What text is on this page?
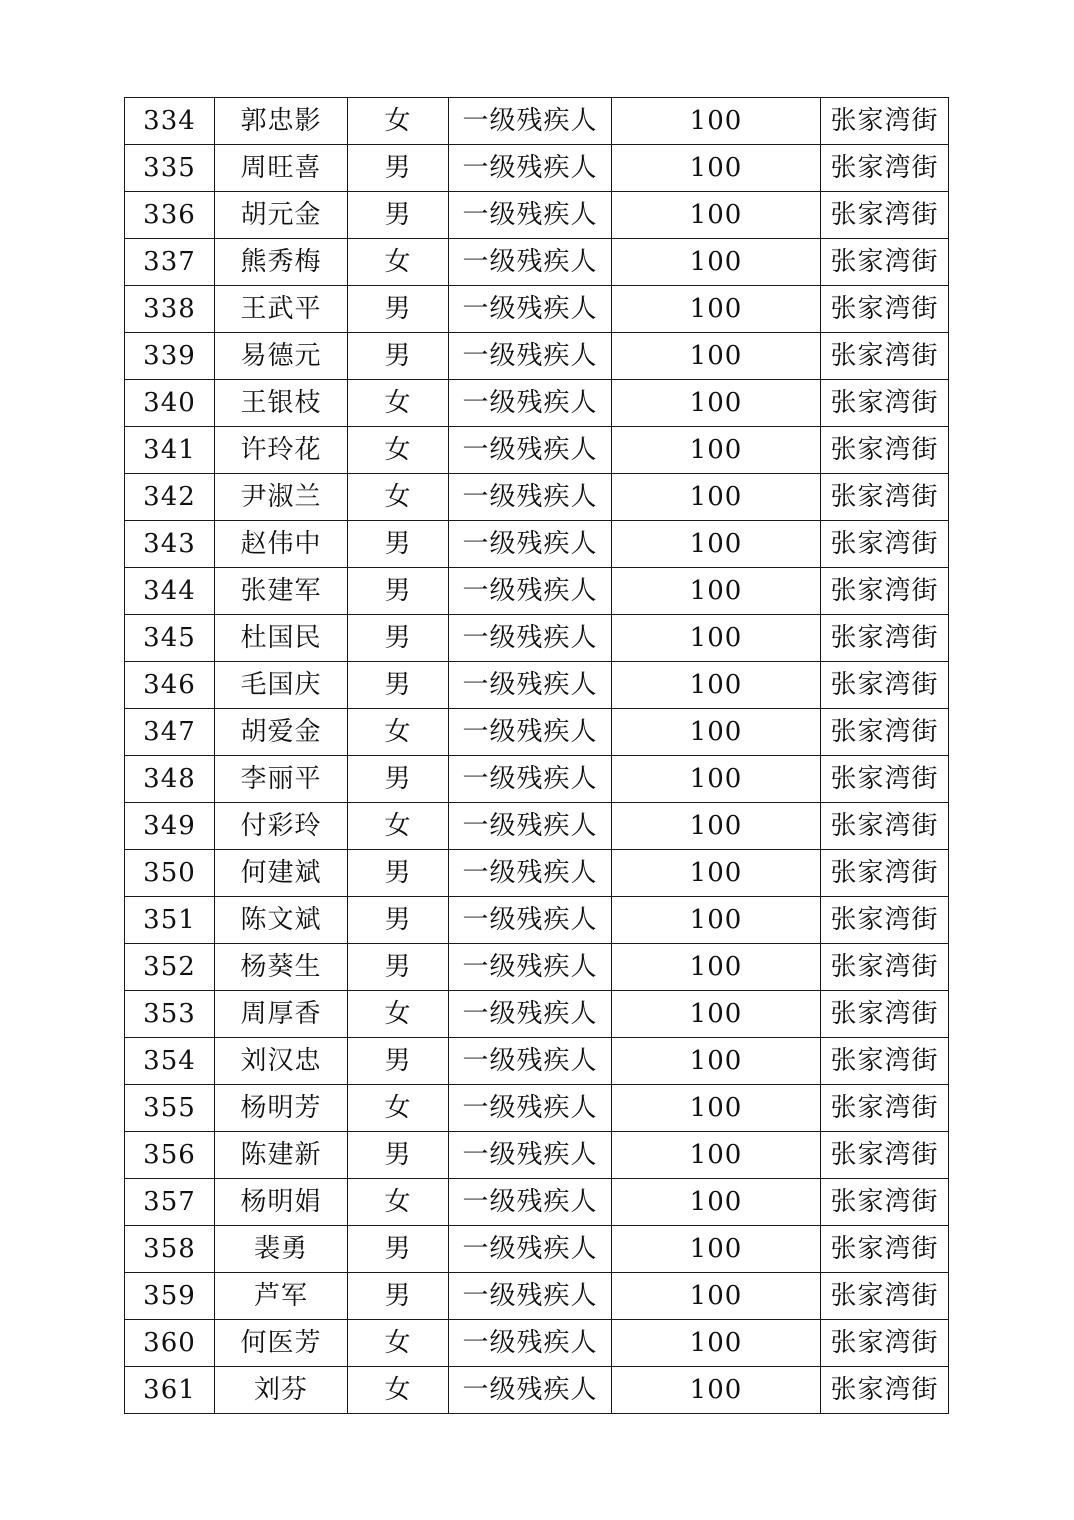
334	郭忠影	女	一级残疾人	100	张家湾街
335	周旺喜	男	一级残疾人	100	张家湾街
336	胡元金	男	一级残疾人	100	张家湾街
337	熊秀梅	女	一级残疾人	100	张家湾街
338	王武平	男	一级残疾人	100	张家湾街
339	易德元	男	一级残疾人	100	张家湾街
340	王银枝	女	一级残疾人	100	张家湾街
341	许玲花	女	一级残疾人	100	张家湾街
342	尹淑兰	女	一级残疾人	100	张家湾街
343	赵伟中	男	一级残疾人	100	张家湾街
344	张建军	男	一级残疾人	100	张家湾街
345	杜国民	男	一级残疾人	100	张家湾街
346	毛国庆	男	一级残疾人	100	张家湾街
347	胡爱金	女	一级残疾人	100	张家湾街
348	李丽平	男	一级残疾人	100	张家湾街
349	付彩玲	女	一级残疾人	100	张家湾街
350	何建斌	男	一级残疾人	100	张家湾街
351	陈文斌	男	一级残疾人	100	张家湾街
352	杨葵生	男	一级残疾人	100	张家湾街
353	周厚香	女	一级残疾人	100	张家湾街
354	刘汉忠	男	一级残疾人	100	张家湾街
355	杨明芳	女	一级残疾人	100	张家湾街
356	陈建新	男	一级残疾人	100	张家湾街
357	杨明娟	女	一级残疾人	100	张家湾街
358	裴勇	男	一级残疾人	100	张家湾街
359	芦军	男	一级残疾人	100	张家湾街
360	何医芳	女	一级残疾人	100	张家湾街
361	刘芬	女	一级残疾人	100	张家湾街
